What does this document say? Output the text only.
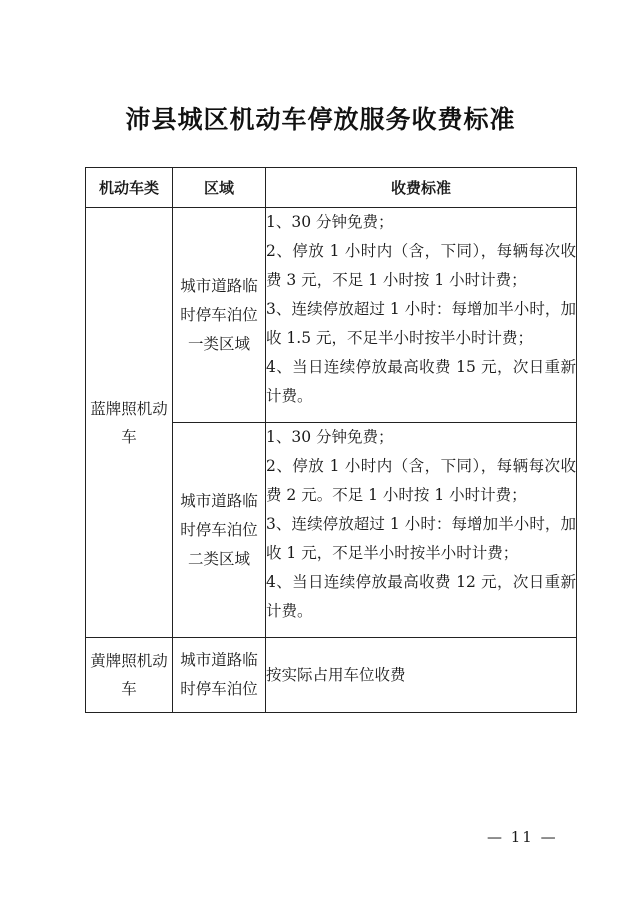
沛县城区机动车停放服务收费标准
机动车类	区域	收费标准
蓝牌照机动车	城市道路临时停车泊位一类区域	1、30 分钟免费；
2、停放 1 小时内（含，下同），每辆每次收费 3 元，不足 1 小时按 1 小时计费；
3、连续停放超过 1 小时：每增加半小时，加收 1.5 元，不足半小时按半小时计费；
4、当日连续停放最高收费 15 元，次日重新计费。

	城市道路临时停车泊位二类区域	1、30 分钟免费；
2、停放 1 小时内（含，下同），每辆每次收费 2 元。不足 1 小时按 1 小时计费；
3、连续停放超过 1 小时：每增加半小时，加收 1 元，不足半小时按半小时计费；
4、当日连续停放最高收费 12 元，次日重新计费。

黄牌照机动车	城市道路临时停车泊位	按实际占用车位收费
— 11 —
